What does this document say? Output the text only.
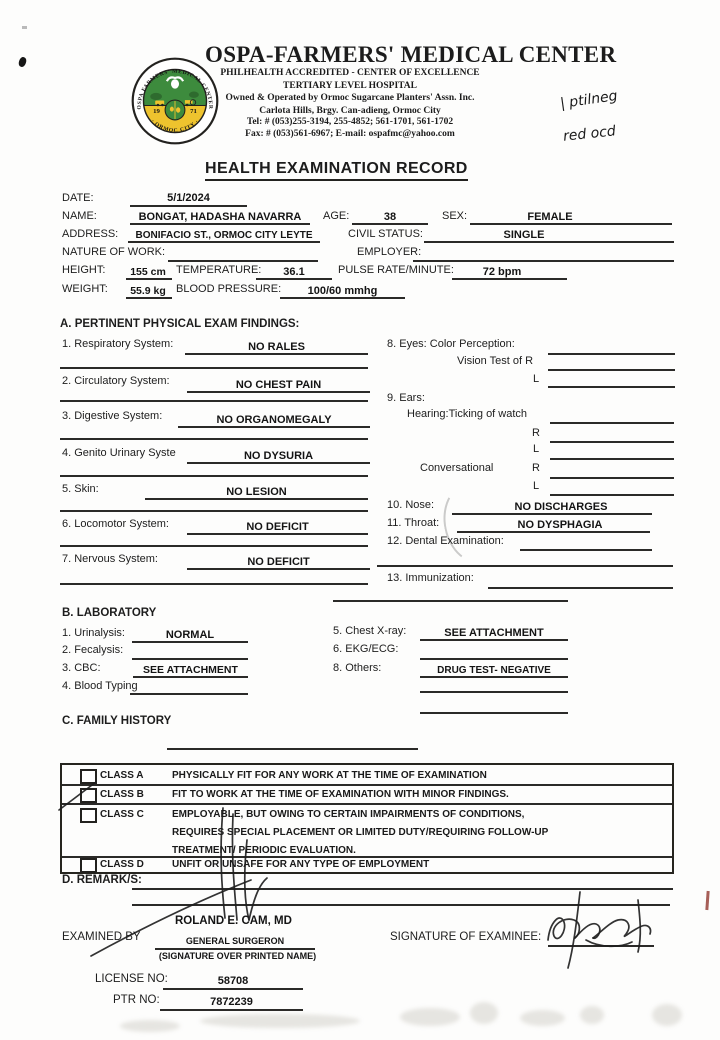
OSPA-FARMERS' MEDICAL CENTER
PHILHEALTH ACCREDITED - CENTER OF EXCELLENCE
TERTIARY LEVEL HOSPITAL
Owned & Operated by Ormoc Sugarcane Planters' Assn. Inc.
Carlota Hills, Brgy. Can-adieng, Ormoc City
Tel: # (053)255-3194, 255-4852; 561-1701, 561-1702
Fax: # (053)561-6967; E-mail: ospafmc@yahoo.com
19	71
OSPA FARMERS' MEDICAL CENTER
· ORMOC CITY ·
| ptilneg
red ocd
HEALTH EXAMINATION RECORD
DATE:	5/1/2024
NAME:	BONGAT, HADASHA NAVARRA	AGE:	38	SEX:	FEMALE
ADDRESS:	BONIFACIO ST., ORMOC CITY LEYTE	CIVIL STATUS:	SINGLE
NATURE OF WORK:	EMPLOYER:
HEIGHT:	155 cm TEMPERATURE:	36.1	PULSE RATE/MINUTE:	72 bpm
WEIGHT:	55.9 kg BLOOD PRESSURE:	100/60 mmhg
A. PERTINENT PHYSICAL EXAM FINDINGS:
1. Respiratory System:	NO RALES
2. Circulatory System:	NO CHEST PAIN
3. Digestive System:	NO ORGANOMEGALY
4. Genito Urinary Syste	NO DYSURIA
5. Skin:	NO LESION
6. Locomotor System:	NO DEFICIT
7. Nervous System:	NO DEFICIT
8. Eyes: Color Perception:
Vision Test of R
L
9. Ears:
Hearing:Ticking of watch
R
L
Conversational	R
L
10. Nose:	NO DISCHARGES
11. Throat:	NO DYSPHAGIA
12. Dental Examination:
13. Immunization:
B. LABORATORY
1. Urinalysis:	NORMAL
2. Fecalysis:
3. CBC:	SEE ATTACHMENT
4. Blood Typing
5. Chest X-ray:	SEE ATTACHMENT
6. EKG/ECG:
8. Others:	DRUG TEST- NEGATIVE
C. FAMILY HISTORY
CLASS A	PHYSICALLY FIT FOR ANY WORK AT THE TIME OF EXAMINATION
CLASS B	FIT TO WORK AT THE TIME OF EXAMINATION WITH MINOR FINDINGS.
CLASS C	EMPLOYABLE, BUT OWING TO CERTAIN IMPAIRMENTS OF CONDITIONS,
REQUIRES SPECIAL PLACEMENT OR LIMITED DUTY/REQUIRING FOLLOW-UP
TREATMENT/ PERIODIC EVALUATION.
CLASS D	UNFIT OR UNSAFE FOR ANY TYPE OF EMPLOYMENT
D. REMARK/S:
ROLAND E. CAM, MD
EXAMINED BY	GENERAL SURGERON
(SIGNATURE OVER PRINTED NAME)
SIGNATURE OF EXAMINEE:
LICENSE NO:	58708
PTR NO:	7872239
